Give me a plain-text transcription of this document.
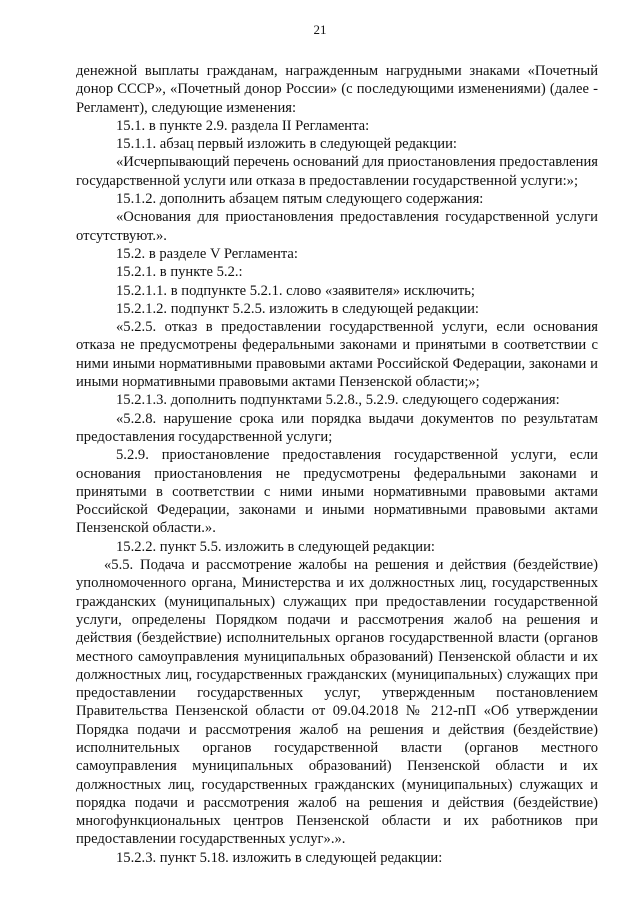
21

денежной выплаты гражданам, награжденным нагрудными знаками «Почетный донор СССР», «Почетный донор России» (с последующими изменениями) (далее - Регламент), следующие изменения:

15.1. в пункте 2.9. раздела II Регламента:

15.1.1. абзац первый изложить в следующей редакции:

«Исчерпывающий перечень оснований для приостановления предоставления государственной услуги или отказа в предоставлении государственной услуги:»;

15.1.2. дополнить абзацем пятым следующего содержания:

«Основания для приостановления предоставления государственной услуги отсутствуют.».

15.2. в разделе V Регламента:

15.2.1. в пункте 5.2.:

15.2.1.1. в подпункте 5.2.1. слово «заявителя» исключить;

15.2.1.2. подпункт 5.2.5. изложить в следующей редакции:

«5.2.5. отказ в предоставлении государственной услуги, если основания отказа не предусмотрены федеральными законами и принятыми в соответствии с ними иными нормативными правовыми актами Российской Федерации, законами и иными нормативными правовыми актами Пензенской области;»;

15.2.1.3. дополнить подпунктами 5.2.8., 5.2.9. следующего содержания:

«5.2.8. нарушение срока или порядка выдачи документов по результатам предоставления государственной услуги;

5.2.9. приостановление предоставления государственной услуги, если основания приостановления не предусмотрены федеральными законами и принятыми в соответствии с ними иными нормативными правовыми актами Российской Федерации, законами и иными нормативными правовыми актами Пензенской области.».

15.2.2. пункт 5.5. изложить в следующей редакции:

«5.5. Подача и рассмотрение жалобы на решения и действия (бездействие) уполномоченного органа, Министерства и их должностных лиц, государственных гражданских (муниципальных) служащих при предоставлении государственной услуги, определены Порядком подачи и рассмотрения жалоб на решения и действия (бездействие) исполнительных органов государственной власти (органов местного самоуправления муниципальных образований) Пензенской области и их должностных лиц, государственных гражданских (муниципальных) служащих при предоставлении государственных услуг, утвержденным постановлением Правительства Пензенской области от 09.04.2018 № 212-пП «Об утверждении Порядка подачи и рассмотрения жалоб на решения и действия (бездействие) исполнительных органов государственной власти (органов местного самоуправления муниципальных образований) Пензенской области и их должностных лиц, государственных гражданских (муниципальных) служащих и порядка подачи и рассмотрения жалоб на решения и действия (бездействие) многофункциональных центров Пензенской области и их работников при предоставлении государственных услуг».».

15.2.3. пункт 5.18. изложить в следующей редакции:
